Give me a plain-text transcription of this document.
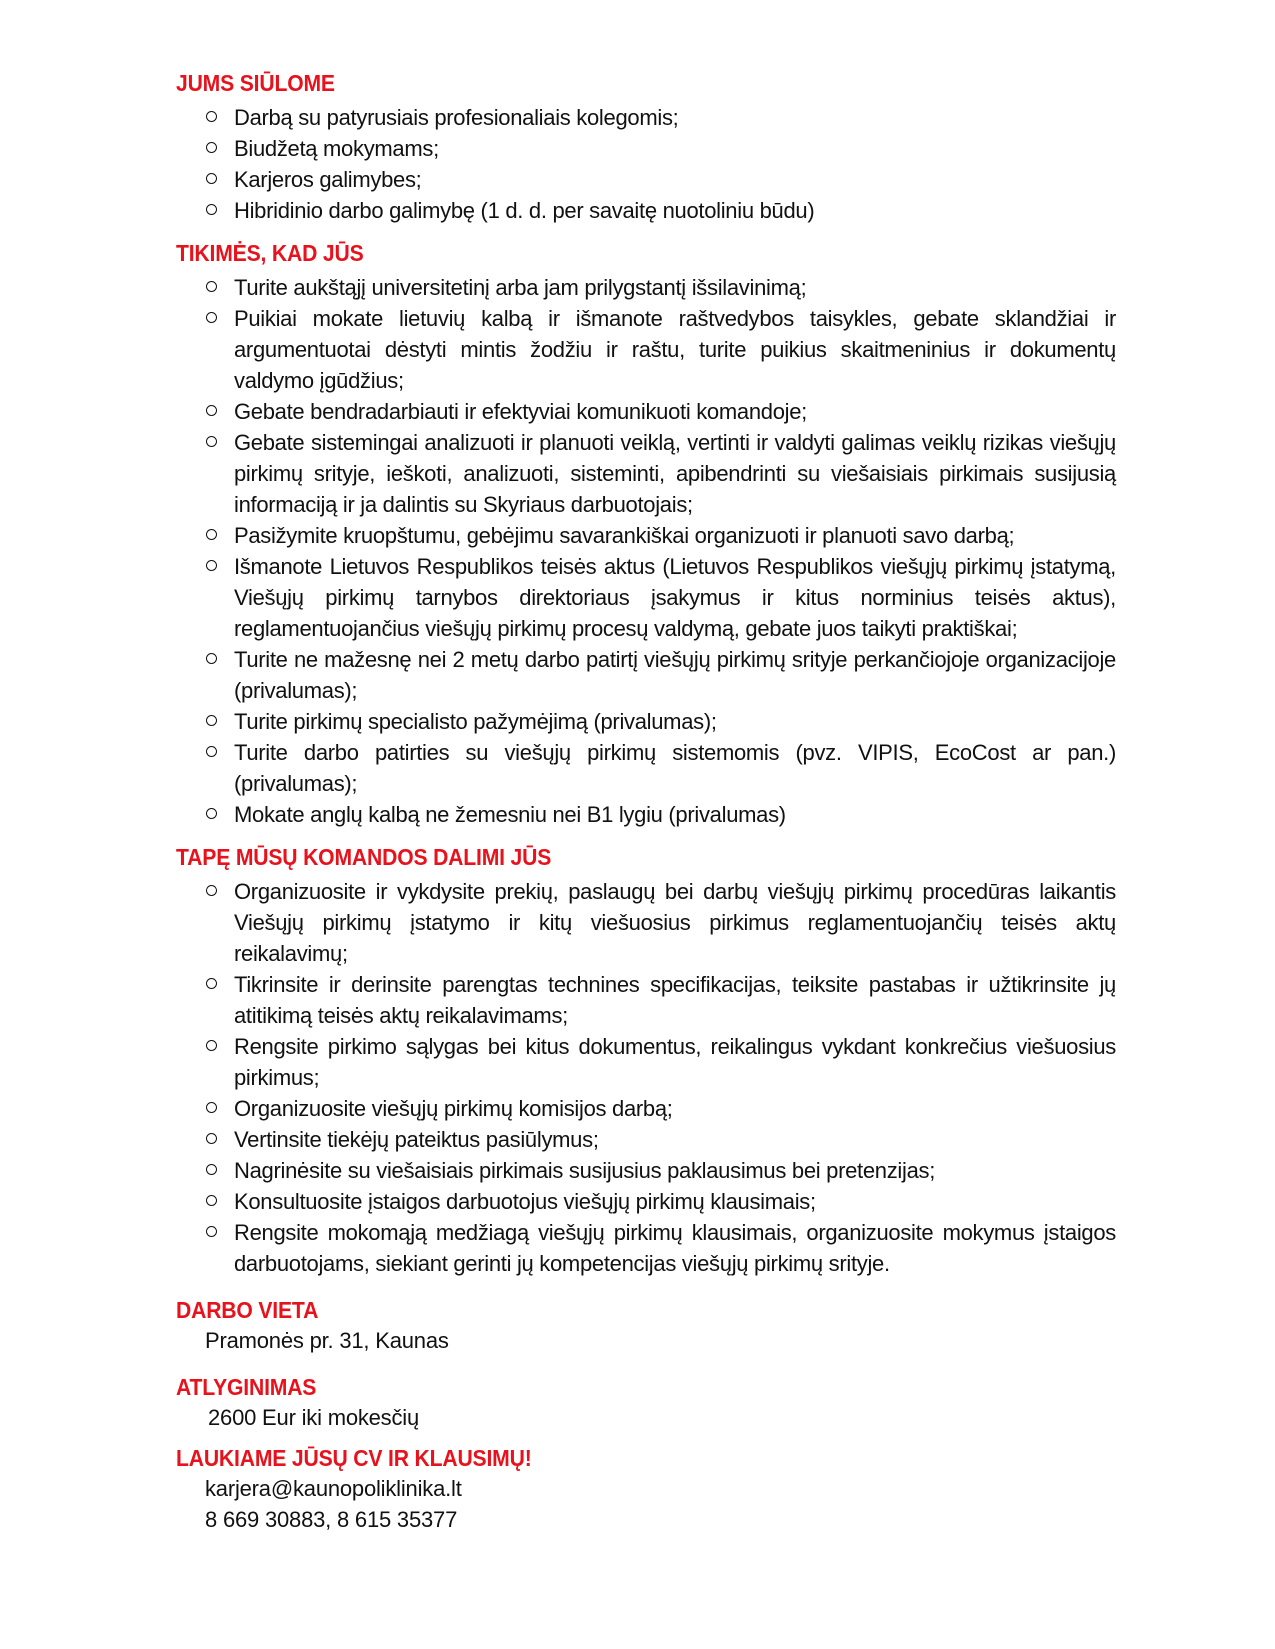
JUMS SIŪLOME
Darbą su patyrusiais profesionaliais kolegomis;
Biudžetą mokymams;
Karjeros galimybes;
Hibridinio darbo galimybę (1 d. d. per savaitę nuotoliniu būdu)
TIKIMĖS, KAD JŪS
Turite aukštąjį universitetinį arba jam prilygstantį išsilavinimą;
Puikiai mokate lietuvių kalbą ir išmanote raštvedybos taisykles, gebate sklandžiai ir argumentuotai dėstyti mintis žodžiu ir raštu, turite puikius skaitmeninius ir dokumentų valdymo įgūdžius;
Gebate bendradarbiauti ir efektyviai komunikuoti komandoje;
Gebate sistemingai analizuoti ir planuoti veiklą, vertinti ir valdyti galimas veiklų rizikas viešųjų pirkimų srityje, ieškoti, analizuoti, sisteminti, apibendrinti su viešaisiais pirkimais susijusią informaciją ir ja dalintis su Skyriaus darbuotojais;
Pasižymite kruopštumu, gebėjimu savarankiškai organizuoti ir planuoti savo darbą;
Išmanote Lietuvos Respublikos teisės aktus (Lietuvos Respublikos viešųjų pirkimų įstatymą, Viešųjų pirkimų tarnybos direktoriaus įsakymus ir kitus norminius teisės aktus), reglamentuojančius viešųjų pirkimų procesų valdymą, gebate juos taikyti praktiškai;
Turite ne mažesnę nei 2 metų darbo patirtį viešųjų pirkimų srityje perkančiojoje organizacijoje (privalumas);
Turite pirkimų specialisto pažymėjimą (privalumas);
Turite darbo patirties su viešųjų pirkimų sistemomis (pvz. VIPIS, EcoCost ar pan.) (privalumas);
Mokate anglų kalbą ne žemesniu nei B1 lygiu (privalumas)
TAPĘ MŪSŲ KOMANDOS DALIMI JŪS
Organizuosite ir vykdysite prekių, paslaugų bei darbų viešųjų pirkimų procedūras laikantis Viešųjų pirkimų įstatymo ir kitų viešuosius pirkimus reglamentuojančių teisės aktų reikalavimų;
Tikrinsite ir derinsite parengtas technines specifikacijas, teiksite pastabas ir užtikrinsite jų atitikimą teisės aktų reikalavimams;
Rengsite pirkimo sąlygas bei kitus dokumentus, reikalingus vykdant konkrečius viešuosius pirkimus;
Organizuosite viešųjų pirkimų komisijos darbą;
Vertinsite tiekėjų pateiktus pasiūlymus;
Nagrinėsite su viešaisiais pirkimais susijusius paklausimus bei pretenzijas;
Konsultuosite įstaigos darbuotojus viešųjų pirkimų klausimais;
Rengsite mokomąją medžiagą viešųjų pirkimų klausimais, organizuosite mokymus įstaigos darbuotojams, siekiant gerinti jų kompetencijas viešųjų pirkimų srityje.
DARBO VIETA
Pramonės pr. 31, Kaunas
ATLYGINIMAS
2600 Eur iki mokesčių
LAUKIAME JŪSŲ CV IR KLAUSIMŲ!
karjera@kaunopoliklinika.lt
8 669 30883, 8 615 35377
